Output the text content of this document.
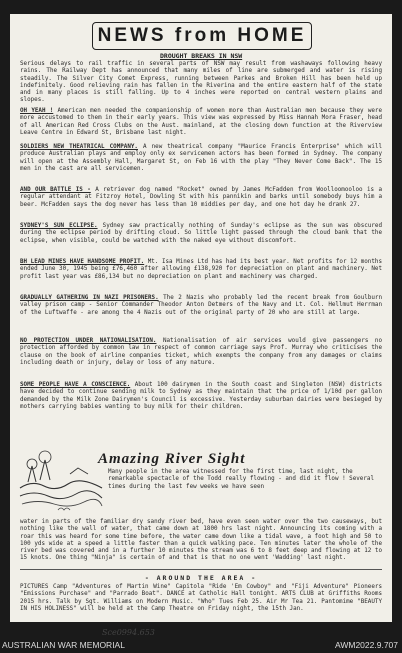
NEWS from HOME
DROUGHT BREAKS IN NSW

Serious delays to rail traffic in several parts of NSW may result from washaways following heavy rains. The Railway Dept has announced that many miles of line are submerged and water is rising steadily. The Silver City Comet Express, running between Parkes and Broken Hill has been held up indefinitely. Good relieving rain has fallen in the Riverina and the entire eastern half of the state and in many places is still falling. Up to 4 inches were reported on central western plains and slopes.

OH YEAH ! American men needed the companionship of women more than Australian men because they were more accustomed to them in their early years. This view was expressed by Miss Hannah Mora Fraser, head of all American Red Cross Clubs on the Aust. mainland, at the closing down function at the Riverview Leave Centre in Edward St, Brisbane last night.

SOLDIERS NEW THEATRICAL COMPANY. A new theatrical company "Maurice Francis Enterprise" which will produce Australian plays and employ only ex servicemen actors has been formed in Sydney. The company will open at the Assembly Hall, Margaret St, on Feb 16 with the play "They Never Come Back". The 15 men in the cast are all servicemen.

AND OUR BATTLE IS - A retriever dog named "Rocket" owned by James McFadden from Woolloomooloo is a regular attendant at Fitzroy Hotel, Dowling St with his pannikin and barks until somebody buys him a beer. McFadden says the dog never has less than 10 middies per day, and one hot day he drank 27.

SYDNEY'S SUN ECLIPSE. Sydney saw practically nothing of Sunday's eclipse as the sun was obscured during the eclipse period by drifting cloud. So little light passed through the cloud bank that the eclipse, when visible, could be watched with the naked eye without discomfort.

BH LEAD MINES HAVE HANDSOME PROFIT. Mt. Isa Mines Ltd has had its best year. Net profits for 12 months ended June 30, 1945 being £76,460 after allowing £138,920 for depreciation on plant and machinery. Net profit last year was £86,134 but no depreciation on plant and machinery was charged.

GRADUALLY GATHERING IN NAZI PRISONERS. The 2 Nazis who probably led the recent break from Goulburn valley prison camp - Senior Commander Theodor Anton Detmers of the Navy and Lt. Col. Hellmut Herrman of the Luftwaffe - are among the 4 Nazis out of the original party of 20 who are still at large.

NO PROTECTION UNDER NATIONALISATION. Nationalisation of air services would give passengers no protection afforded by common law in respect of common carriage says Prof. Murray who criticises the clause on the book of airline companies ticket, which exempts the company from any damages or claims including death or injury, delay or loss of any nature.

SOME PEOPLE HAVE A CONSCIENCE. About 100 dairymen in the South coast and Singleton (NSW) districts have decided to continue sending milk to Sydney as they maintain that the price of 1/10d per gallon demanded by the Milk Zone Dairymen's Council is excessive. Yesterday suburban dairies were besieged by mothers carrying babies wanting to buy milk for their children.

Amazing River Sight

Many people in the area witnessed for the first time, last night, the remarkable spectacle of the Todd really flowing - and did it flow ! Several times during the last few weeks we have seen

water in parts of the familiar dry sandy river bed, have even seen water over the two causeways, but nothing like the wall of water, that came down at 1800 hrs last night. Announcing its coming with a roar this was heard for some time before, the water came down like a tidal wave, a foot high and 50 to 100 yds wide at a speed a little faster than a quick walking pace. Ten minutes later the whole of the river bed was covered and in a further 10 minutes the stream was 6 to 8 feet deep and flowing at 12 to 15 knots. One thing "Ninja" is certain of and that is that no one went 'Wadding' last night.

- AROUND THE AREA -

PICTURES Camp "Adventures of Martin Wine" Capitola "Ride 'Em Cowboy" and "Fiji Adventure" Pioneers "Emissions Purchase" and "Parrado Boat". DANCE at Catholic Hall tonight. ARTS CLUB at Griffiths Rooms 2015 hrs. Talk by Sgt. Williams on Modern Music. "Who" Tues Feb 25. Air Mr Tea 21. Pantomime "BEAUTY IN HIS HOLINESS" will be held at the Camp Theatre on Friday night, the 15th Jan.

Sce0994.653
AUSTRALIAN WAR MEMORIAL	AWM2022.9.707
